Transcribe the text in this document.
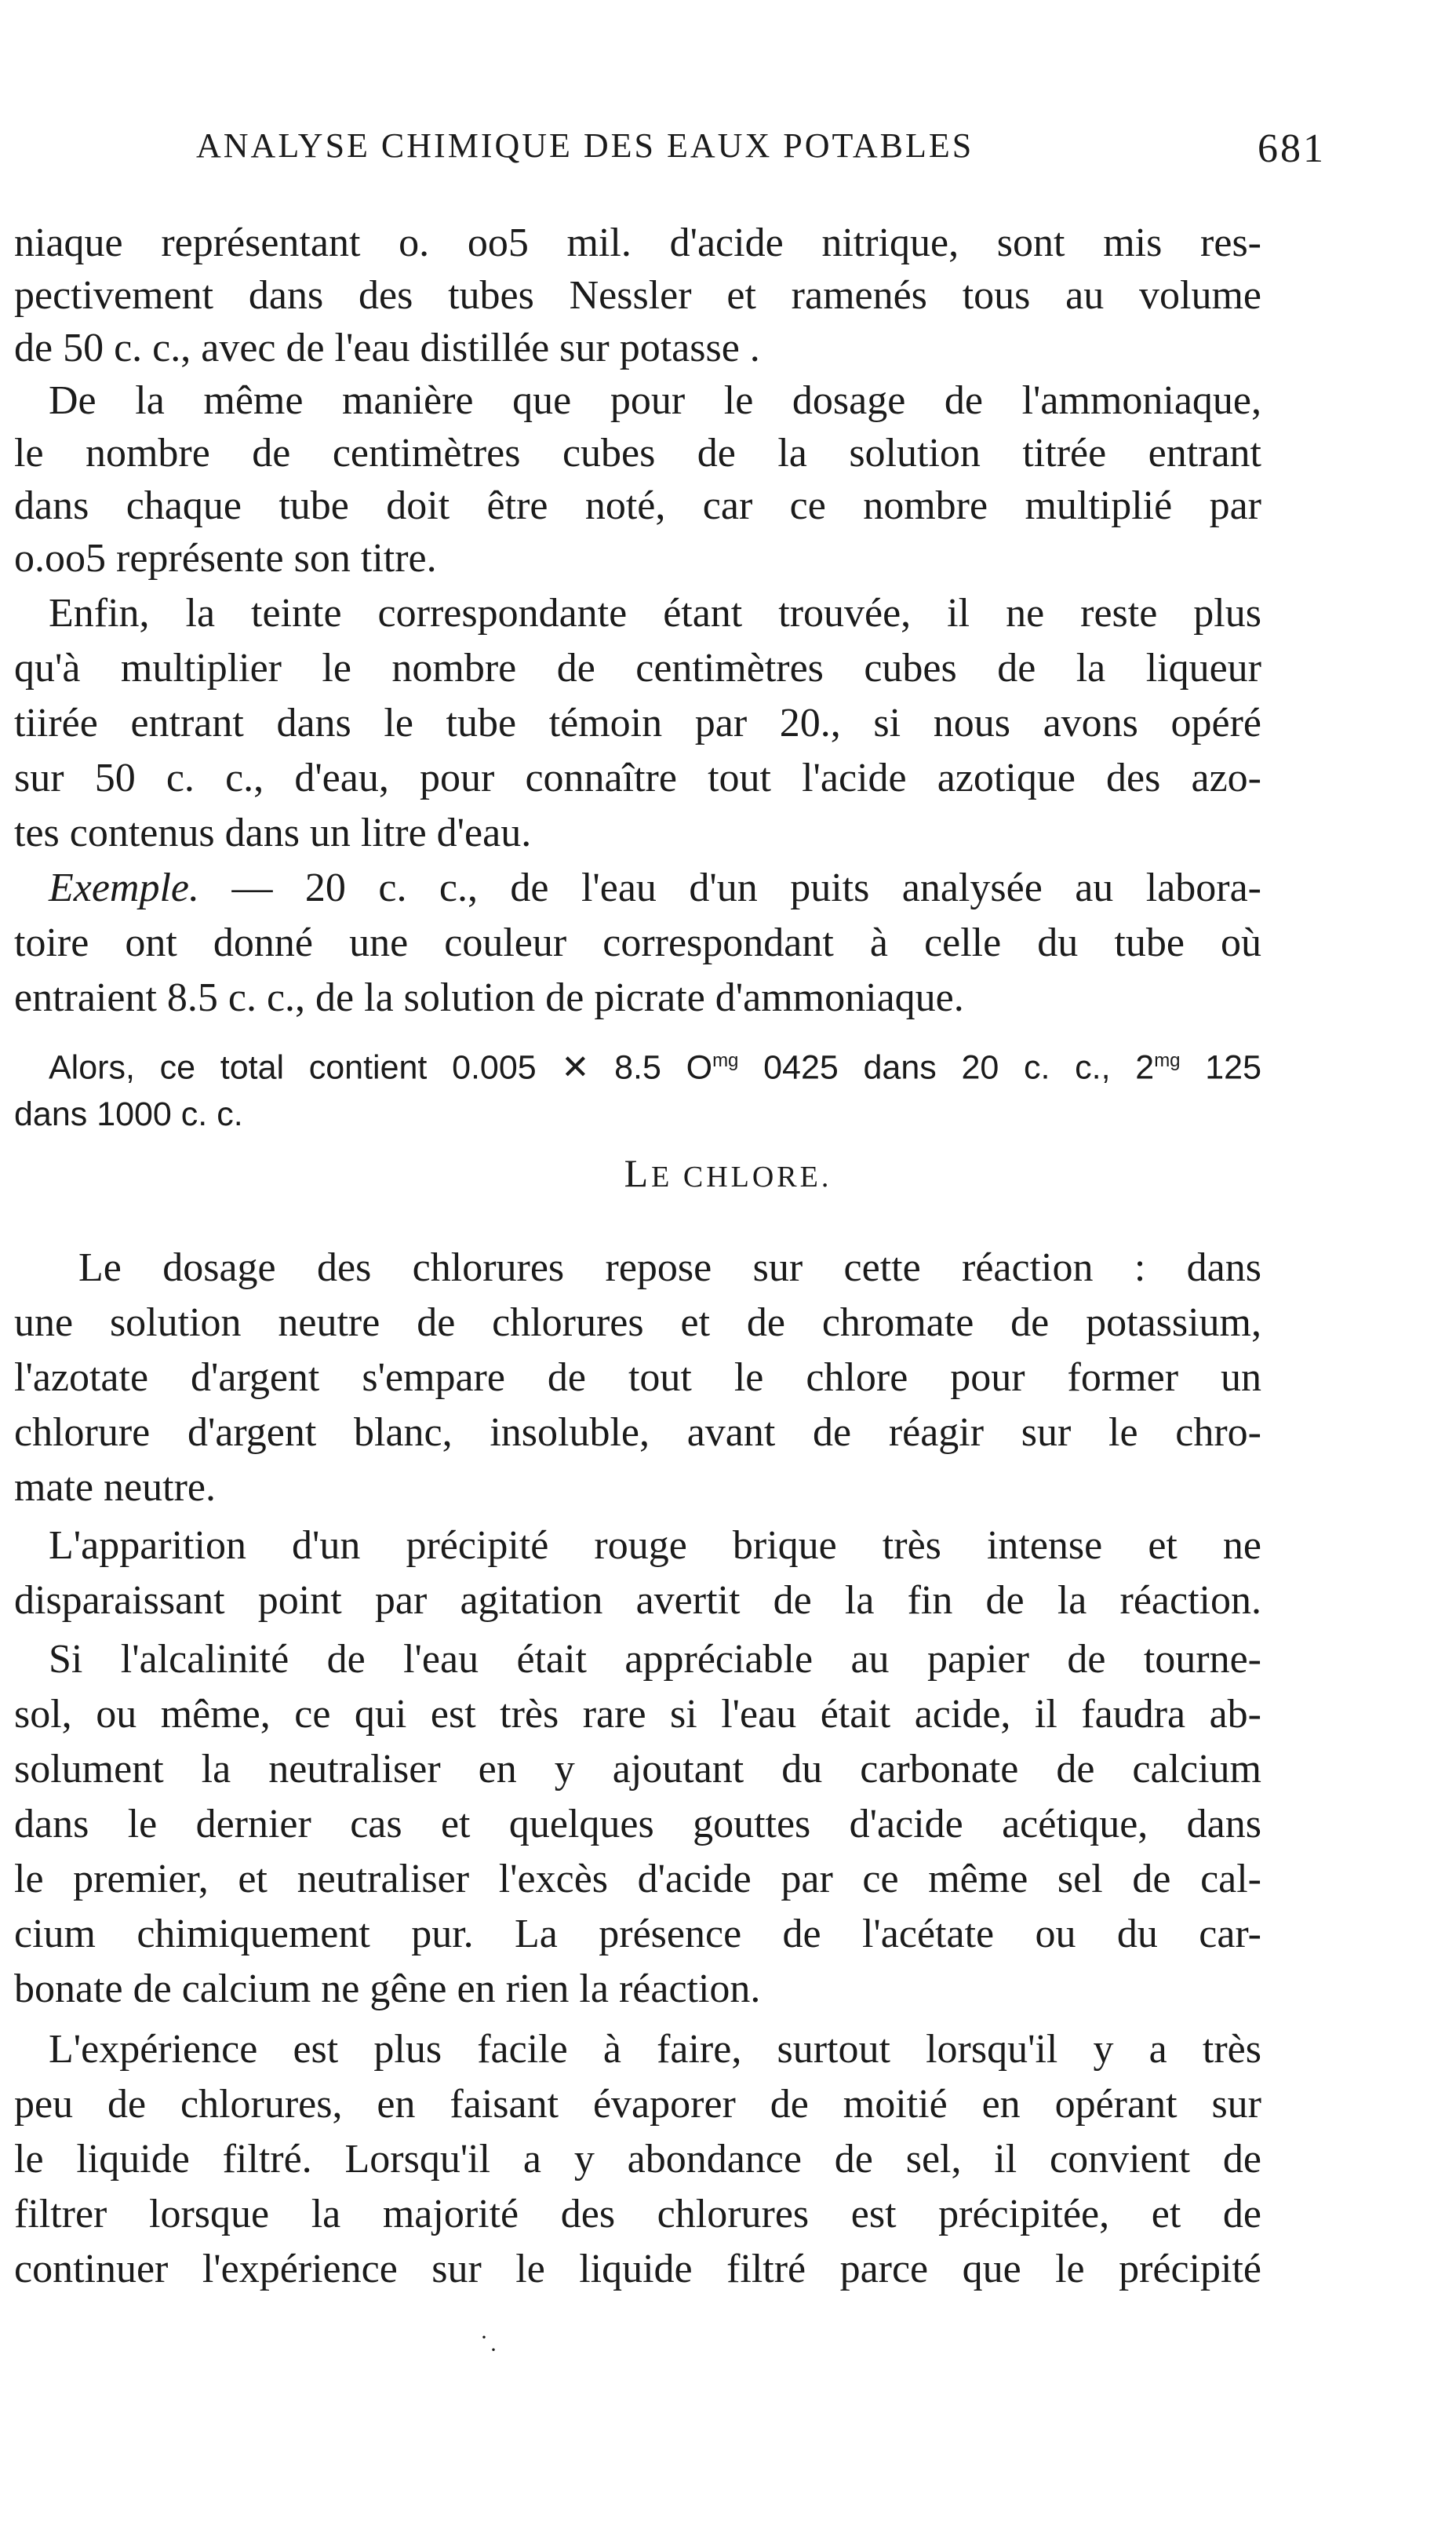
ANALYSE CHIMIQUE DES EAUX POTABLES	681
niaque représentant o. oo5 mil. d'acide nitrique, sont mis res-
pectivement dans des tubes Nessler et ramenés tous au volume
de 50 c. c., avec de l'eau distillée sur potasse .
De la même manière que pour le dosage de l'ammoniaque,
le nombre de centimètres cubes de la solution titrée entrant
dans chaque tube doit être noté, car ce nombre multiplié par
o.oo5 représente son titre.
Enfin, la teinte correspondante étant trouvée, il ne reste plus
qu'à multiplier le nombre de centimètres cubes de la liqueur
tiirée entrant dans le tube témoin par 20., si nous avons opéré
sur 50 c. c., d'eau, pour connaître tout l'acide azotique des azo-
tes contenus dans un litre d'eau.
Exemple. — 20 c. c., de l'eau d'un puits analysée au labora-
toire ont donné une couleur correspondant à celle du tube où
entraient 8.5 c. c., de la solution de picrate d'ammoniaque.
Alors, ce total contient 0.005 ✕ 8.5 $O^{mg}$ 0425 dans 20 c. c., $2^{mg}$ 125
dans 1000 c. c.
LE CHLORE.
Le dosage des chlorures repose sur cette réaction : dans
une solution neutre de chlorures et de chromate de potassium,
l'azotate d'argent s'empare de tout le chlore pour former un
chlorure d'argent blanc, insoluble, avant de réagir sur le chro-
mate neutre.
L'apparition d'un précipité rouge brique très intense et ne
disparaissant point par agitation avertit de la fin de la réaction.
Si l'alcalinité de l'eau était appréciable au papier de tourne-
sol, ou même, ce qui est très rare si l'eau était acide, il faudra ab-
solument la neutraliser en y ajoutant du carbonate de calcium
dans le dernier cas et quelques gouttes d'acide acétique, dans
le premier, et neutraliser l'excès d'acide par ce même sel de cal-
cium chimiquement pur. La présence de l'acétate ou du car-
bonate de calcium ne gêne en rien la réaction.
L'expérience est plus facile à faire, surtout lorsqu'il y a très
peu de chlorures, en faisant évaporer de moitié en opérant sur
le liquide filtré. Lorsqu'il a y abondance de sel, il convient de
filtrer lorsque la majorité des chlorures est précipitée, et de
continuer l'expérience sur le liquide filtré parce que le précipité
· ·
